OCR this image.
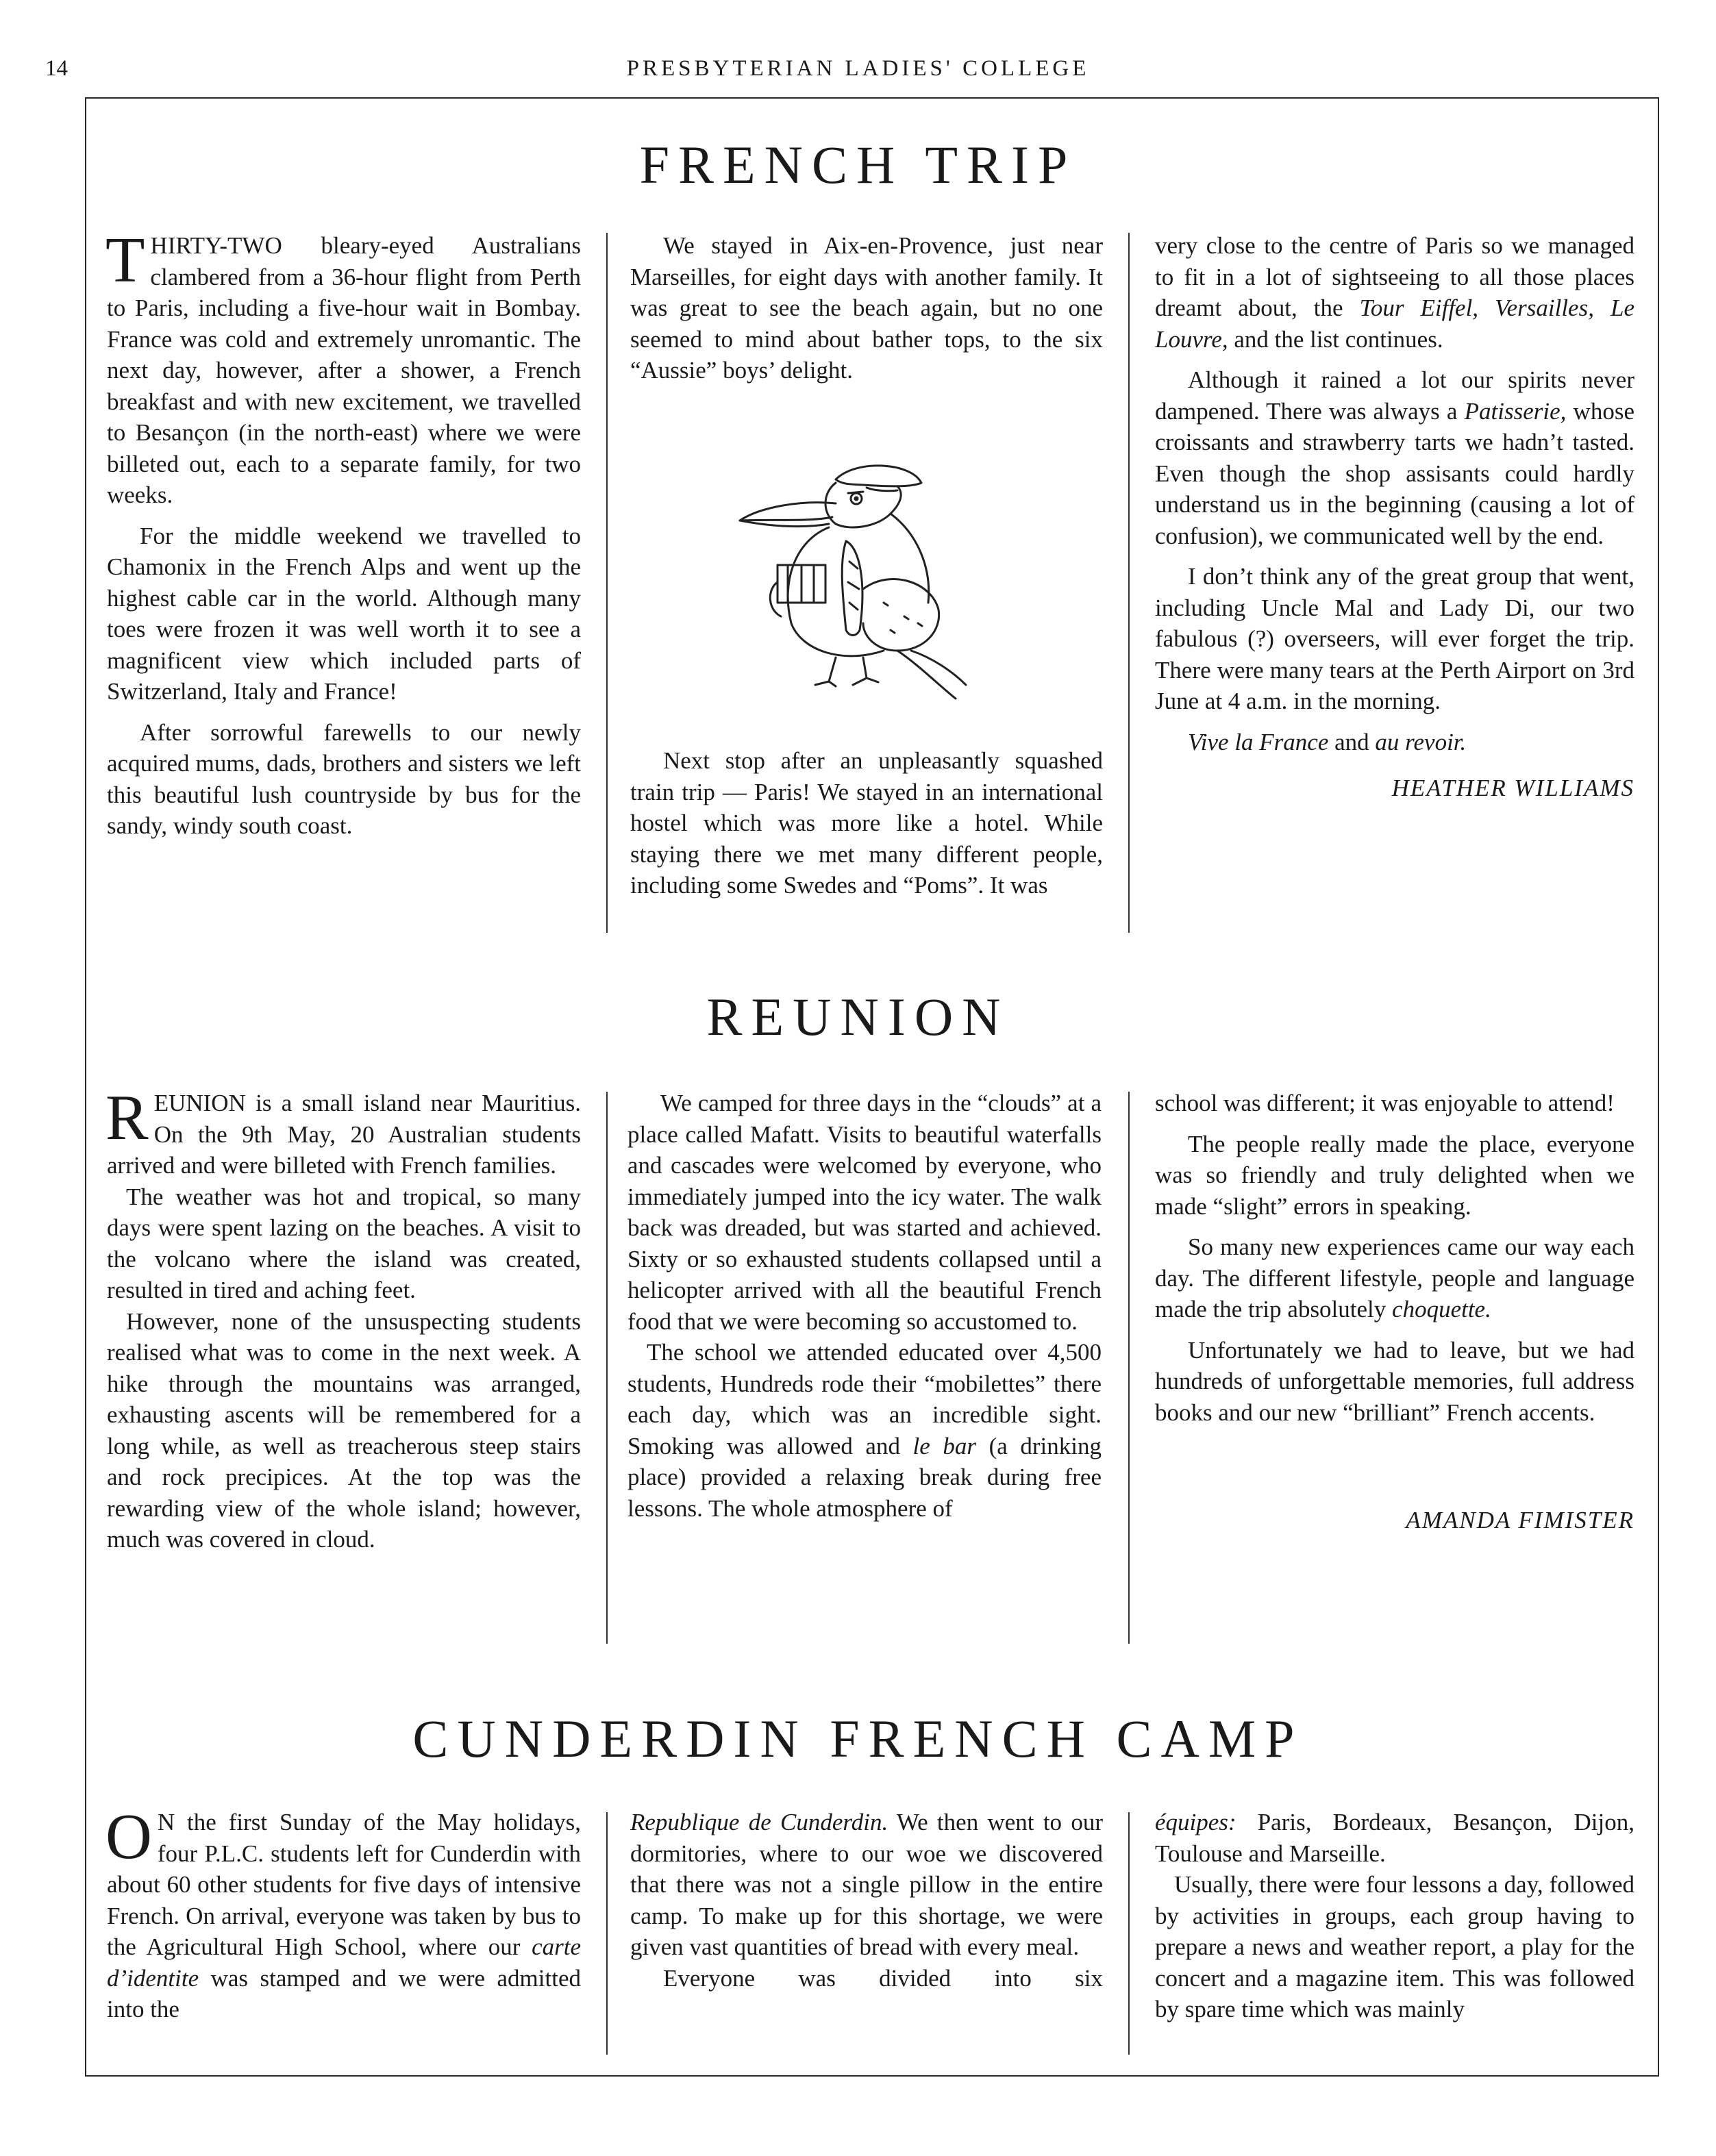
14	PRESBYTERIAN LADIES' COLLEGE
FRENCH TRIP

THIRTY-TWO bleary-eyed Australians clambered from a 36-hour flight from Perth to Paris, including a five-hour wait in Bombay. France was cold and extremely unromantic. The next day, however, after a shower, a French breakfast and with new excitement, we travelled to Besançon (in the north-east) where we were billeted out, each to a separate family, for two weeks.

For the middle weekend we travelled to Chamonix in the French Alps and went up the highest cable car in the world. Although many toes were frozen it was well worth it to see a magnificent view which included parts of Switzerland, Italy and France!

After sorrowful farewells to our newly acquired mums, dads, brothers and sisters we left this beautiful lush countryside by bus for the sandy, windy south coast.

We stayed in Aix-en-Provence, just near Marseilles, for eight days with another family. It was great to see the beach again, but no one seemed to mind about bather tops, to the six “Aussie” boys’ delight.

Next stop after an unpleasantly squashed train trip — Paris! We stayed in an international hostel which was more like a hotel. While staying there we met many different people, including some Swedes and “Poms”. It was

very close to the centre of Paris so we managed to fit in a lot of sightseeing to all those places dreamt about, the Tour Eiffel, Versailles, Le Louvre, and the list continues.

Although it rained a lot our spirits never dampened. There was always a Patisserie, whose croissants and strawberry tarts we hadn’t tasted. Even though the shop assisants could hardly understand us in the beginning (causing a lot of confusion), we communicated well by the end.

I don’t think any of the great group that went, including Uncle Mal and Lady Di, our two fabulous (?) overseers, will ever forget the trip. There were many tears at the Perth Airport on 3rd June at 4 a.m. in the morning.

Vive la France and au revoir.

HEATHER WILLIAMS

REUNION

REUNION is a small island near Mauritius. On the 9th May, 20 Australian students arrived and were billeted with French families.

The weather was hot and tropical, so many days were spent lazing on the beaches. A visit to the volcano where the island was created, resulted in tired and aching feet.

However, none of the unsuspecting students realised what was to come in the next week. A hike through the mountains was arranged, exhausting ascents will be remembered for a long while, as well as treacherous steep stairs and rock precipices. At the top was the rewarding view of the whole island; however, much was covered in cloud.

We camped for three days in the “clouds” at a place called Mafatt. Visits to beautiful waterfalls and cascades were welcomed by everyone, who immediately jumped into the icy water. The walk back was dreaded, but was started and achieved. Sixty or so exhausted students collapsed until a helicopter arrived with all the beautiful French food that we were becoming so accustomed to.

The school we attended educated over 4,500 students, Hundreds rode their “mobilettes” there each day, which was an incredible sight. Smoking was allowed and le bar (a drinking place) provided a relaxing break during free lessons. The whole atmosphere of

school was different; it was enjoyable to attend!

The people really made the place, everyone was so friendly and truly delighted when we made “slight” errors in speaking.

So many new experiences came our way each day. The different lifestyle, people and language made the trip absolutely choquette.

Unfortunately we had to leave, but we had hundreds of unforgettable memories, full address books and our new “brilliant” French accents.

AMANDA FIMISTER

CUNDERDIN FRENCH CAMP

O N the first Sunday of the May holidays, four P.L.C. students left for Cunderdin with about 60 other students for five days of intensive French. On arrival, everyone was taken by bus to the Agricultural High School, where our carte d’identite was stamped and we were admitted into the

Republique de Cunderdin. We then went to our dormitories, where to our woe we discovered that there was not a single pillow in the entire camp. To make up for this shortage, we were given vast quantities of bread with every meal.

Everyone was divided into six

équipes: Paris, Bordeaux, Besançon, Dijon, Toulouse and Marseille.

Usually, there were four lessons a day, followed by activities in groups, each group having to prepare a news and weather report, a play for the concert and a magazine item. This was followed by spare time which was mainly
